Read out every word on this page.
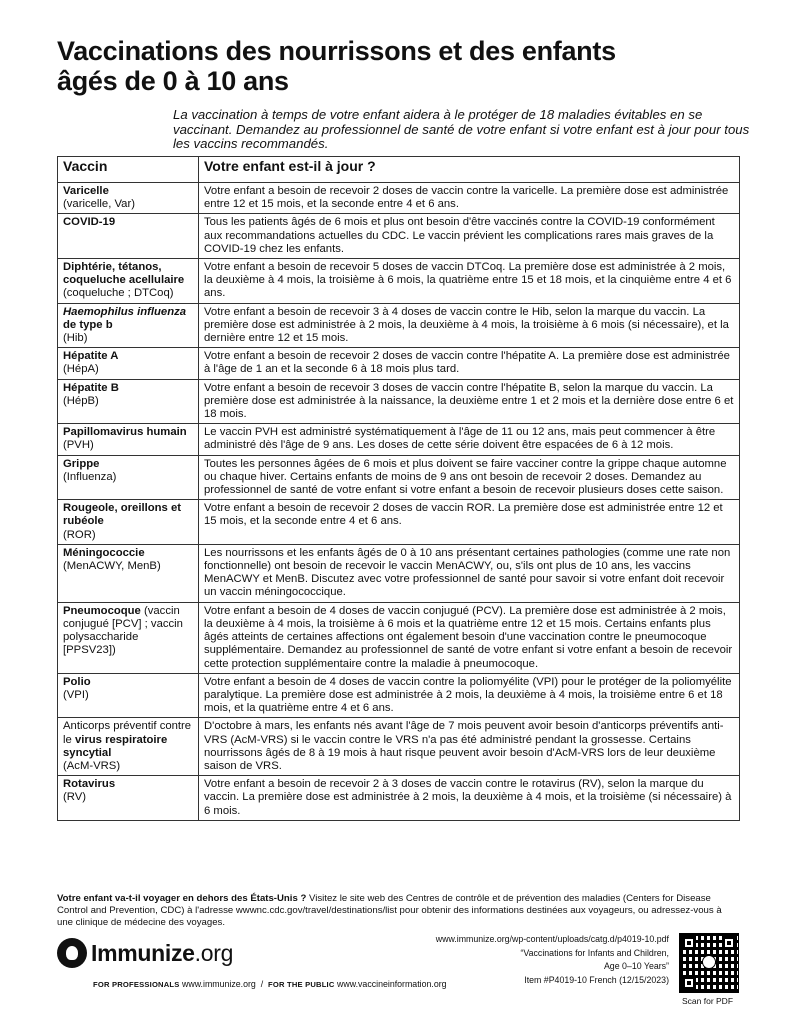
Vaccinations des nourrissons et des enfants
âgés de 0 à 10 ans
La vaccination à temps de votre enfant aidera à le protéger de 18 maladies évitables en se vaccinant. Demandez au professionnel de santé de votre enfant si votre enfant est à jour pour tous les vaccins recommandés.
Vaccin	Votre enfant est-il à jour ?
Varicelle
(varicelle, Var)	Votre enfant a besoin de recevoir 2 doses de vaccin contre la varicelle. La première dose est administrée entre 12 et 15 mois, et la seconde entre 4 et 6 ans.
COVID-19	Tous les patients âgés de 6 mois et plus ont besoin d'être vaccinés contre la COVID-19 conformément aux recommandations actuelles du CDC. Le vaccin prévient les complications rares mais graves de la COVID-19 chez les enfants.
Diphtérie, tétanos, coqueluche acellulaire
(coqueluche ; DTCoq)	Votre enfant a besoin de recevoir 5 doses de vaccin DTCoq. La première dose est administrée à 2 mois, la deuxième à 4 mois, la troisième à 6 mois, la quatrième entre 15 et 18 mois, et la cinquième entre 4 et 6 ans.
Haemophilus influenza de type b
(Hib)	Votre enfant a besoin de recevoir 3 à 4 doses de vaccin contre le Hib, selon la marque du vaccin. La première dose est administrée à 2 mois, la deuxième à 4 mois, la troisième à 6 mois (si nécessaire), et la dernière entre 12 et 15 mois.
Hépatite A
(HépA)	Votre enfant a besoin de recevoir 2 doses de vaccin contre l'hépatite A. La première dose est administrée à l'âge de 1 an et la seconde 6 à 18 mois plus tard.
Hépatite B
(HépB)	Votre enfant a besoin de recevoir 3 doses de vaccin contre l'hépatite B, selon la marque du vaccin. La première dose est administrée à la naissance, la deuxième entre 1 et 2 mois et la dernière dose entre 6 et 18 mois.
Papillomavirus humain
(PVH)	Le vaccin PVH est administré systématiquement à l'âge de 11 ou 12 ans, mais peut commencer à être administré dès l'âge de 9 ans. Les doses de cette série doivent être espacées de 6 à 12 mois.
Grippe
(Influenza)	Toutes les personnes âgées de 6 mois et plus doivent se faire vacciner contre la grippe chaque automne ou chaque hiver. Certains enfants de moins de 9 ans ont besoin de recevoir 2 doses. Demandez au professionnel de santé de votre enfant si votre enfant a besoin de recevoir plusieurs doses cette saison.
Rougeole, oreillons et rubéole
(ROR)	Votre enfant a besoin de recevoir 2 doses de vaccin ROR. La première dose est administrée entre 12 et 15 mois, et la seconde entre 4 et 6 ans.
Méningococcie
(MenACWY, MenB)	Les nourrissons et les enfants âgés de 0 à 10 ans présentant certaines pathologies (comme une rate non fonctionnelle) ont besoin de recevoir le vaccin MenACWY, ou, s'ils ont plus de 10 ans, les vaccins MenACWY et MenB. Discutez avec votre professionnel de santé pour savoir si votre enfant doit recevoir un vaccin méningococcique.
Pneumocoque (vaccin conjugué [PCV] ; vaccin polysaccharide [PPSV23])	Votre enfant a besoin de 4 doses de vaccin conjugué (PCV). La première dose est administrée à 2 mois, la deuxième à 4 mois, la troisième à 6 mois et la quatrième entre 12 et 15 mois. Certains enfants plus âgés atteints de certaines affections ont également besoin d'une vaccination contre le pneumocoque supplémentaire. Demandez au professionnel de santé de votre enfant si votre enfant a besoin de recevoir cette protection supplémentaire contre la maladie à pneumocoque.
Polio
(VPI)	Votre enfant a besoin de 4 doses de vaccin contre la poliomyélite (VPI) pour le protéger de la poliomyélite paralytique. La première dose est administrée à 2 mois, la deuxième à 4 mois, la troisième entre 6 et 18 mois, et la quatrième entre 4 et 6 ans.
Anticorps préventif contre le virus respiratoire syncytial
(AcM-VRS)	D'octobre à mars, les enfants nés avant l'âge de 7 mois peuvent avoir besoin d'anticorps préventifs anti-VRS (AcM-VRS) si le vaccin contre le VRS n'a pas été administré pendant la grossesse. Certains nourrissons âgés de 8 à 19 mois à haut risque peuvent avoir besoin d'AcM-VRS lors de leur deuxième saison de VRS.
Rotavirus
(RV)	Votre enfant a besoin de recevoir 2 à 3 doses de vaccin contre le rotavirus (RV), selon la marque du vaccin. La première dose est administrée à 2 mois, la deuxième à 4 mois, et la troisième (si nécessaire) à 6 mois.
Votre enfant va-t-il voyager en dehors des États-Unis ? Visitez le site web des Centres de contrôle et de prévention des maladies (Centers for Disease Control and Prevention, CDC) à l'adresse wwwnc.cdc.gov/travel/destinations/list pour obtenir des informations destinées aux voyageurs, ou adressez-vous à une clinique de médecine des voyages.
Immunize.org
FOR PROFESSIONALS www.immunize.org / FOR THE PUBLIC www.vaccineinformation.org
www.immunize.org/wp-content/uploads/catg.d/p4019-10.pdf
“Vaccinations for Infants and Children,
Age 0–10 Years”
Item #P4019-10 French (12/15/2023)
Scan for PDF
